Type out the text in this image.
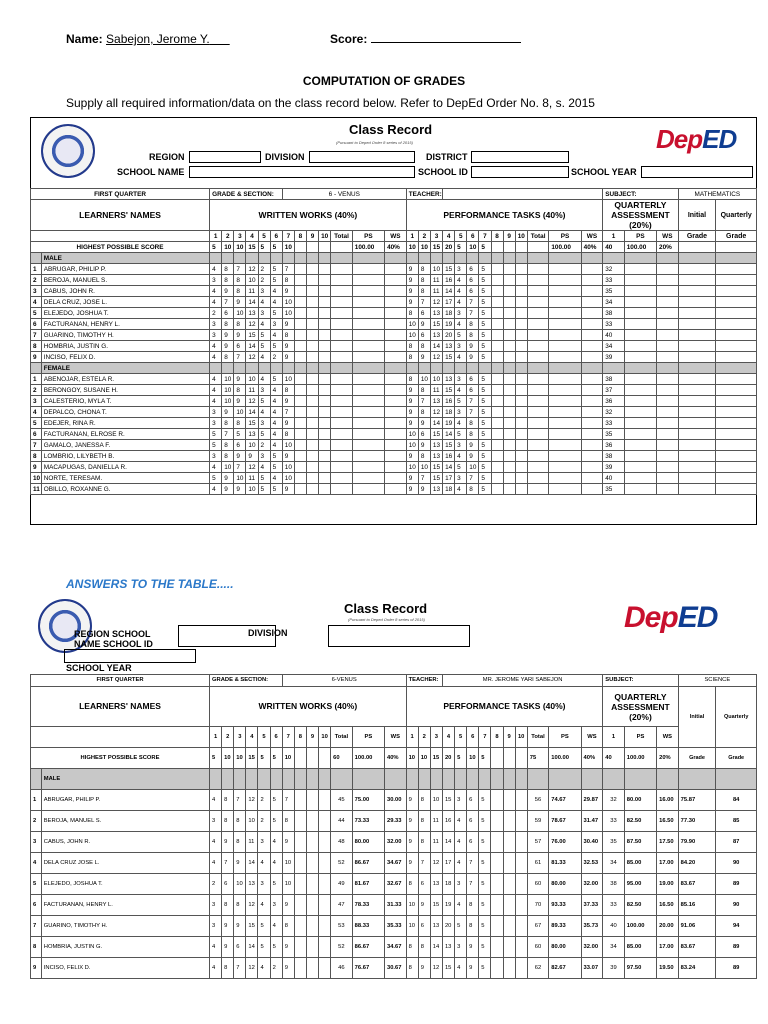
Name: Sabejon, Jerome Y.	Score:
COMPUTATION OF GRADES
Supply all required information/data on the class record below. Refer to DepEd Order No. 8, s. 2015
Class Record
(Pursuant to Deped Order 8 series of 2015)	DepED
REGION	DIVISION	DISTRICT
SCHOOL NAME	SCHOOL ID	SCHOOL YEAR
FIRST QUARTER		GRADE & SECTION:						6 - VENUS							TEACHER:													SUBJECT:			MATHEMATICS	
LEARNERS' NAMES		WRITTEN WORKS (40%)													PERFORMANCE TASKS (40%)													QUARTERLY ASSESSMENT (20%)			Initial	Quarterly
		1	2	3	4	5	6	7	8	9	10	Total	PS	WS	1	2	3	4	5	6	7	8	9	10	Total	PS	WS	1	PS	WS	Grade	Grade
HIGHEST POSSIBLE SCORE		5	10	10	15	5	5	10					100.00	40%	10	10	15	20	5	10	5					100.00	40%	40	100.00	20%		
	MALE																															
1	ABRUGAR, PHILIP P.	4	8	7	12	2	5	7							9	8	10	15	3	6	5							32				
2	BEROJA, MANUEL S.	3	8	8	10	2	5	8							9	8	11	16	4	6	5							33				
3	CABUS, JOHN R.	4	9	8	11	3	4	9							9	8	11	14	4	6	5							35				
4	DELA CRUZ, JOSE L.	4	7	9	14	4	4	10							9	7	12	17	4	7	5							34				
5	ELEJEDO, JOSHUA T.	2	6	10	13	3	5	10							8	6	13	18	3	7	5							38				
6	FACTURANAN, HENRY L.	3	8	8	12	4	3	9							10	9	15	19	4	8	5							33				
7	GUARINO, TIMOTHY H.	3	9	9	15	5	4	8							10	6	13	20	5	8	5							40				
8	HOMBRIA, JUSTIN G.	4	9	6	14	5	5	9							8	8	14	13	3	9	5							34				
9	INCISO, FELIX D.	4	8	7	12	4	2	9							8	9	12	15	4	9	5							39				
	FEMALE																															
1	ABENOJAR, ESTELA R.	4	10	9	10	4	5	10							8	10	10	13	3	6	5							38				
2	BERONGOY, SUSANE H.	4	10	8	11	3	4	8							9	8	11	15	4	6	5							37				
3	CALESTERIO, MYLA T.	4	10	9	12	5	4	9							9	7	13	16	5	7	5							36				
4	DEPALCO, CHONA T.	3	9	10	14	4	4	7							9	8	12	18	3	7	5							32				
5	EDEJER, RINA R.	3	8	8	15	3	4	9							9	9	14	19	4	8	5							33				
6	FACTURANAN, ELROSE R.	5	7	5	13	5	4	8							10	6	15	14	5	8	5							35				
7	GAMALO, JANESSA F.	5	8	6	10	2	4	10							10	9	13	15	3	9	5							36				
8	LOMBRIO, LILYBETH B.	3	8	9	9	3	5	9							9	8	13	16	4	9	5							38				
9	MACAPUGAS, DANIELLA R.	4	10	7	12	4	5	10							10	10	15	14	5	10	5							39				
10	NORTE, TERESAM.	5	9	10	11	5	4	10							9	7	15	17	3	7	5							40				
11	OBILLO, ROXANNE G.	4	9	9	10	5	5	9							9	9	13	18	4	8	5							35				
ANSWERS TO THE TABLE.....
Class Record
(Pursuant to Deped Order 8 series of 2015)	DepED
REGION SCHOOL
NAME SCHOOL ID
DIVISION
SCHOOL YEAR
FIRST QUARTER		GRADE & SECTION:						6-VENUS							TEACHER:			MR. JEROME YARI SABEJON										SUBJECT:			SCIENCE	
LEARNERS' NAMES		WRITTEN WORKS (40%)													PERFORMANCE TASKS (40%)													QUARTERLY ASSESSMENT (20%)			Initial	Quarterly
		1	2	3	4	5	6	7	8	9	10	Total	PS	WS	1	2	3	4	5	6	7	8	9	10	Total	PS	WS	1	PS	WS		
HIGHEST POSSIBLE SCORE		5	10	10	15	5	5	10				60	100.00	40%	10	10	15	20	5	10	5				75	100.00	40%	40	100.00	20%	Grade	Grade
	MALE																															
1	ABRUGAR, PHILIP P.	4	8	7	12	2	5	7				45	75.00	30.00	9	8	10	15	3	6	5				56	74.67	29.87	32	80.00	16.00	75.87	84
2	BEROJA, MANUEL S.	3	8	8	10	2	5	8				44	73.33	29.33	9	8	11	16	4	6	5				59	78.67	31.47	33	82.50	16.50	77.30	85
3	CABUS, JOHN R.	4	9	8	11	3	4	9				48	80.00	32.00	9	8	11	14	4	6	5				57	76.00	30.40	35	87.50	17.50	79.90	87
4	DELA CRUZ JOSE L.	4	7	9	14	4	4	10				52	86.67	34.67	9	7	12	17	4	7	5				61	81.33	32.53	34	85.00	17.00	84.20	90
5	ELEJEDO, JOSHUA T.	2	6	10	13	3	5	10				49	81.67	32.67	8	6	13	18	3	7	5				60	80.00	32.00	38	95.00	19.00	83.67	89
6	FACTURANAN, HENRY L.	3	8	8	12	4	3	9				47	78.33	31.33	10	9	15	19	4	8	5				70	93.33	37.33	33	82.50	16.50	85.16	90
7	GUARINO, TIMOTHY H.	3	9	9	15	5	4	8				53	88.33	35.33	10	6	13	20	5	8	5				67	89.33	35.73	40	100.00	20.00	91.06	94
8	HOMBRIA, JUSTIN G.	4	9	6	14	5	5	9				52	86.67	34.67	8	8	14	13	3	9	5				60	80.00	32.00	34	85.00	17.00	83.67	89
9	INCISO, FELIX D.	4	8	7	12	4	2	9				46	76.67	30.67	8	9	12	15	4	9	5				62	82.67	33.07	39	97.50	19.50	83.24	89
